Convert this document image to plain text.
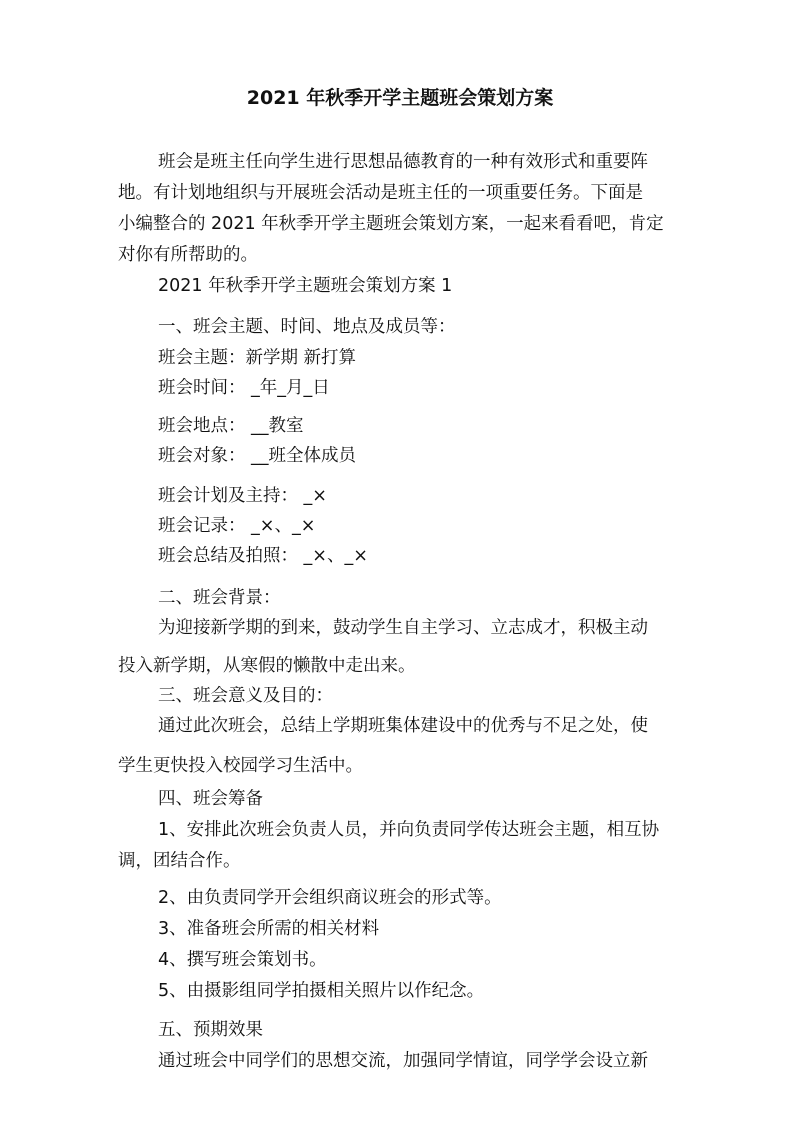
2021 年秋季开学主题班会策划方案
班会是班主任向学生进行思想品德教育的一种有效形式和重要阵
地。有计划地组织与开展班会活动是班主任的一项重要任务。下面是
小编整合的 2021 年秋季开学主题班会策划方案，一起来看看吧，肯定
对你有所帮助的。
2021 年秋季开学主题班会策划方案 1
一、班会主题、时间、地点及成员等：
班会主题：新学期 新打算
班会时间： _年_月_日
班会地点： __教室
班会对象： __班全体成员
班会计划及主持： _×
班会记录： _×、_×
班会总结及拍照： _×、_×
二、班会背景：
为迎接新学期的到来，鼓动学生自主学习、立志成才，积极主动
投入新学期，从寒假的懒散中走出来。
三、班会意义及目的：
通过此次班会，总结上学期班集体建设中的优秀与不足之处，使
学生更快投入校园学习生活中。
四、班会筹备
1、安排此次班会负责人员，并向负责同学传达班会主题，相互协
调，团结合作。
2、由负责同学开会组织商议班会的形式等。
3、准备班会所需的相关材料
4、撰写班会策划书。
5、由摄影组同学拍摄相关照片以作纪念。
五、预期效果
通过班会中同学们的思想交流，加强同学情谊，同学学会设立新
